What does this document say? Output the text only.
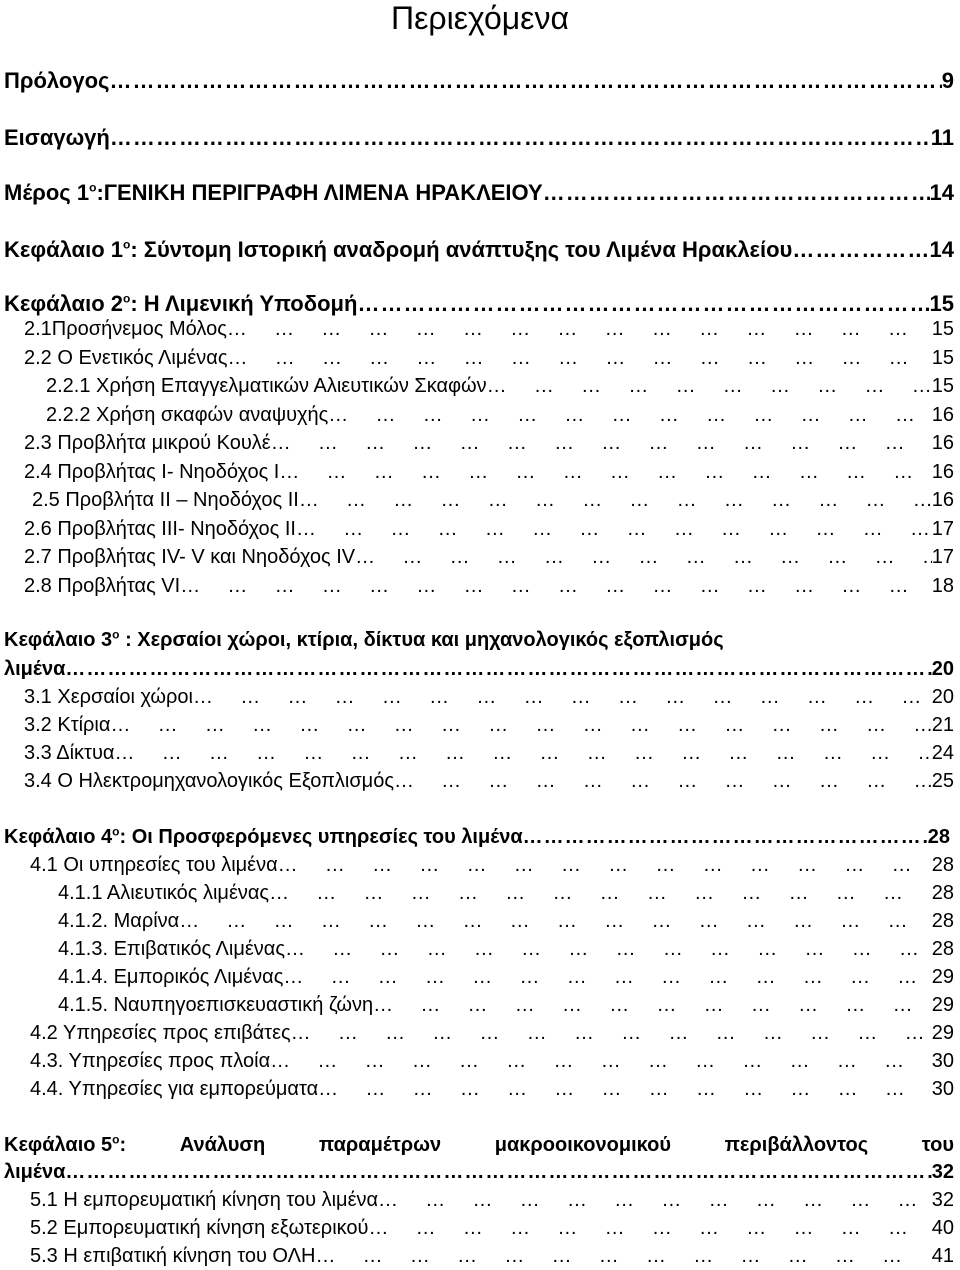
Περιεχόμενα
Πρόλογος ……………………………………………………………………………………………………………………………………………………………………………………	9
Εισαγωγή ……………………………………………………………………………………………………………………………………………………………………………………	11
Μέρος $1^o:\Gamma ENIKH$ ΠΕΡΙΓΡΑΦΗ ΛΙΜΕΝΑ ΗΡΑΚΛΕΙΟΥ ……………………………………………………………………………………………………………………………………………………………………………………	14
Κεφάλαιο $1^o$: Σύντομη Ιστορική αναδρομή ανάπτυξης του Λιμένα Ηρακλείου ……………………………………………………………………………………………………………………………………………………………………………………	14
Κεφάλαιο $2^o$: Η Λιμενική Υποδομή ……………………………………………………………………………………………………………………………………………………………………………………	15
2.1Προσήνεμος Μόλος … … … … … … … … … … … … … … … … … … … … … … … … … …	15
2.2 Ο Ενετικός Λιμένας … … … … … … … … … … … … … … … … … … … … … … … … … …	15
2.2.1 Χρήση Επαγγελματικών Αλιευτικών Σκαφών … … … … … … … … … … … … … … … … … … … … … … … … … …	15
2.2.2 Χρήση σκαφών αναψυχής … … … … … … … … … … … … … … … … … … … … … … … … … …	16
2.3 Προβλήτα μικρού Κουλέ … … … … … … … … … … … … … … … … … … … … … … … … … …	16
2.4 Προβλήτας Ι- Νηοδόχος Ι … … … … … … … … … … … … … … … … … … … … … … … … … …	16
2.5 Προβλήτα ΙΙ – Νηοδόχος ΙΙ … … … … … … … … … … … … … … … … … … … … … … … … … …	16
2.6 Προβλήτας ΙΙΙ- Νηοδόχος ΙΙ … … … … … … … … … … … … … … … … … … … … … … … … … …	17
2.7 Προβλήτας ΙV- V και Νηοδόχος ΙV … … … … … … … … … … … … … … … … … … … … … … … … … …	17
2.8 Προβλήτας VI … … … … … … … … … … … … … … … … … … … … … … … … … …	18
Κεφάλαιο $3^o$ : Χερσαίοι χώροι, κτίρια, δίκτυα και μηχανολογικός εξοπλισμός
λιμένα ……………………………………………………………………………………………………………………………………………………………………………………	20
3.1 Χερσαίοι χώροι … … … … … … … … … … … … … … … … … … … … … … … … … …	20
3.2 Κτίρια … … … … … … … … … … … … … … … … … … … … … … … … … …	21
3.3 Δίκτυα … … … … … … … … … … … … … … … … … … … … … … … … … …	24
3.4 Ο Ηλεκτρομηχανολογικός Εξοπλισμός … … … … … … … … … … … … … … … … … … … … … … … … … …	25
Κεφάλαιο $4^o$: Οι Προσφερόμενες υπηρεσίες του λιμένα ……………………………………………………………………………………………………………………………………………………………………………………	28
4.1 Οι υπηρεσίες του λιμένα … … … … … … … … … … … … … … … … … … … … … … … … … …	28
4.1.1 Αλιευτικός λιμένας … … … … … … … … … … … … … … … … … … … … … … … … … …	28
4.1.2. Μαρίνα … … … … … … … … … … … … … … … … … … … … … … … … … …	28
4.1.3. Επιβατικός Λιμένας … … … … … … … … … … … … … … … … … … … … … … … … … …	28
4.1.4. Εμπορικός Λιμένας … … … … … … … … … … … … … … … … … … … … … … … … … …	29
4.1.5. Ναυπηγοεπισκευαστική ζώνη … … … … … … … … … … … … … … … … … … … … … … … … … …	29
4.2 Υπηρεσίες προς επιβάτες … … … … … … … … … … … … … … … … … … … … … … … … … …	29
4.3. Υπηρεσίες προς πλοία … … … … … … … … … … … … … … … … … … … … … … … … … …	30
4.4. Υπηρεσίες για εμπορεύματα … … … … … … … … … … … … … … … … … … … … … … … … … …	30
Κεφάλαιο $5^o$:	Ανάλυση	παραμέτρων	μακροοικονομικού	περιβάλλοντος	του
λιμένα ……………………………………………………………………………………………………………………………………………………………………………………	32
5.1 Η εμπορευματική κίνηση του λιμένα … … … … … … … … … … … … … … … … … … … … … … … … … …	32
5.2 Εμπορευματική κίνηση εξωτερικού … … … … … … … … … … … … … … … … … … … … … … … … … …	40
5.3 Η επιβατική κίνηση του ΟΛΗ … … … … … … … … … … … … … … … … … … … … … … … … … …	41
